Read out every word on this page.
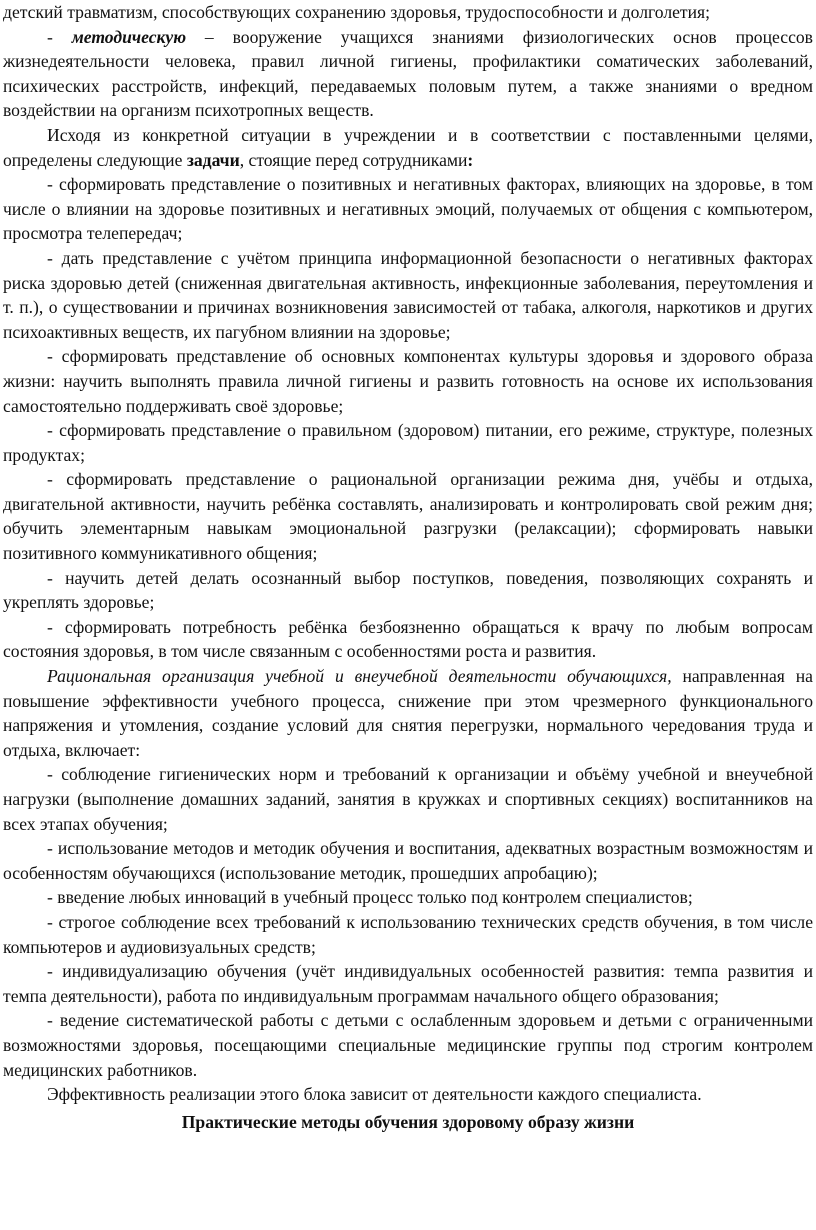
детский травматизм, способствующих сохранению здоровья, трудоспособности и долголетия;

- методическую – вооружение учащихся знаниями физиологических основ процессов жизнедеятельности человека, правил личной гигиены, профилактики соматических заболеваний, психических расстройств, инфекций, передаваемых половым путем, а также знаниями о вредном воздействии на организм психотропных веществ.

Исходя из конкретной ситуации в учреждении и в соответствии с поставленными целями, определены следующие задачи, стоящие перед сотрудниками:

- сформировать представление о позитивных и негативных факторах, влияющих на здоровье, в том числе о влиянии на здоровье позитивных и негативных эмоций, получаемых от общения с компьютером, просмотра телепередач;

- дать представление с учётом принципа информационной безопасности о негативных факторах риска здоровью детей (сниженная двигательная активность, инфекционные заболевания, переутомления и т. п.), о существовании и причинах возникновения зависимостей от табака, алкоголя, наркотиков и других психоактивных веществ, их пагубном влиянии на здоровье;

- сформировать представление об основных компонентах культуры здоровья и здорового образа жизни: научить выполнять правила личной гигиены и развить готовность на основе их использования самостоятельно поддерживать своё здоровье;

- сформировать представление о правильном (здоровом) питании, его режиме, структуре, полезных продуктах;

- сформировать представление о рациональной организации режима дня, учёбы и отдыха, двигательной активности, научить ребёнка составлять, анализировать и контролировать свой режим дня; обучить элементарным навыкам эмоциональной разгрузки (релаксации); сформировать навыки позитивного коммуникативного общения;

- научить детей делать осознанный выбор поступков, поведения, позволяющих сохранять и укреплять здоровье;

- сформировать потребность ребёнка безбоязненно обращаться к врачу по любым вопросам состояния здоровья, в том числе связанным с особенностями роста и развития.

Рациональная организация учебной и внеучебной деятельности обучающихся, направленная на повышение эффективности учебного процесса, снижение при этом чрезмерного функционального напряжения и утомления, создание условий для снятия перегрузки, нормального чередования труда и отдыха, включает:

- соблюдение гигиенических норм и требований к организации и объёму учебной и внеучебной нагрузки (выполнение домашних заданий, занятия в кружках и спортивных секциях) воспитанников на всех этапах обучения;

- использование методов и методик обучения и воспитания, адекватных возрастным возможностям и особенностям обучающихся (использование методик, прошедших апробацию);

- введение любых инноваций в учебный процесс только под контролем специалистов;

- строгое соблюдение всех требований к использованию технических средств обучения, в том числе компьютеров и аудиовизуальных средств;

- индивидуализацию обучения (учёт индивидуальных особенностей развития: темпа развития и темпа деятельности), работа по индивидуальным программам начального общего образования;

- ведение систематической работы с детьми с ослабленным здоровьем и детьми с ограниченными возможностями здоровья, посещающими специальные медицинские группы под строгим контролем медицинских работников.

Эффективность реализации этого блока зависит от деятельности каждого специалиста.

Практические методы обучения здоровому образу жизни
